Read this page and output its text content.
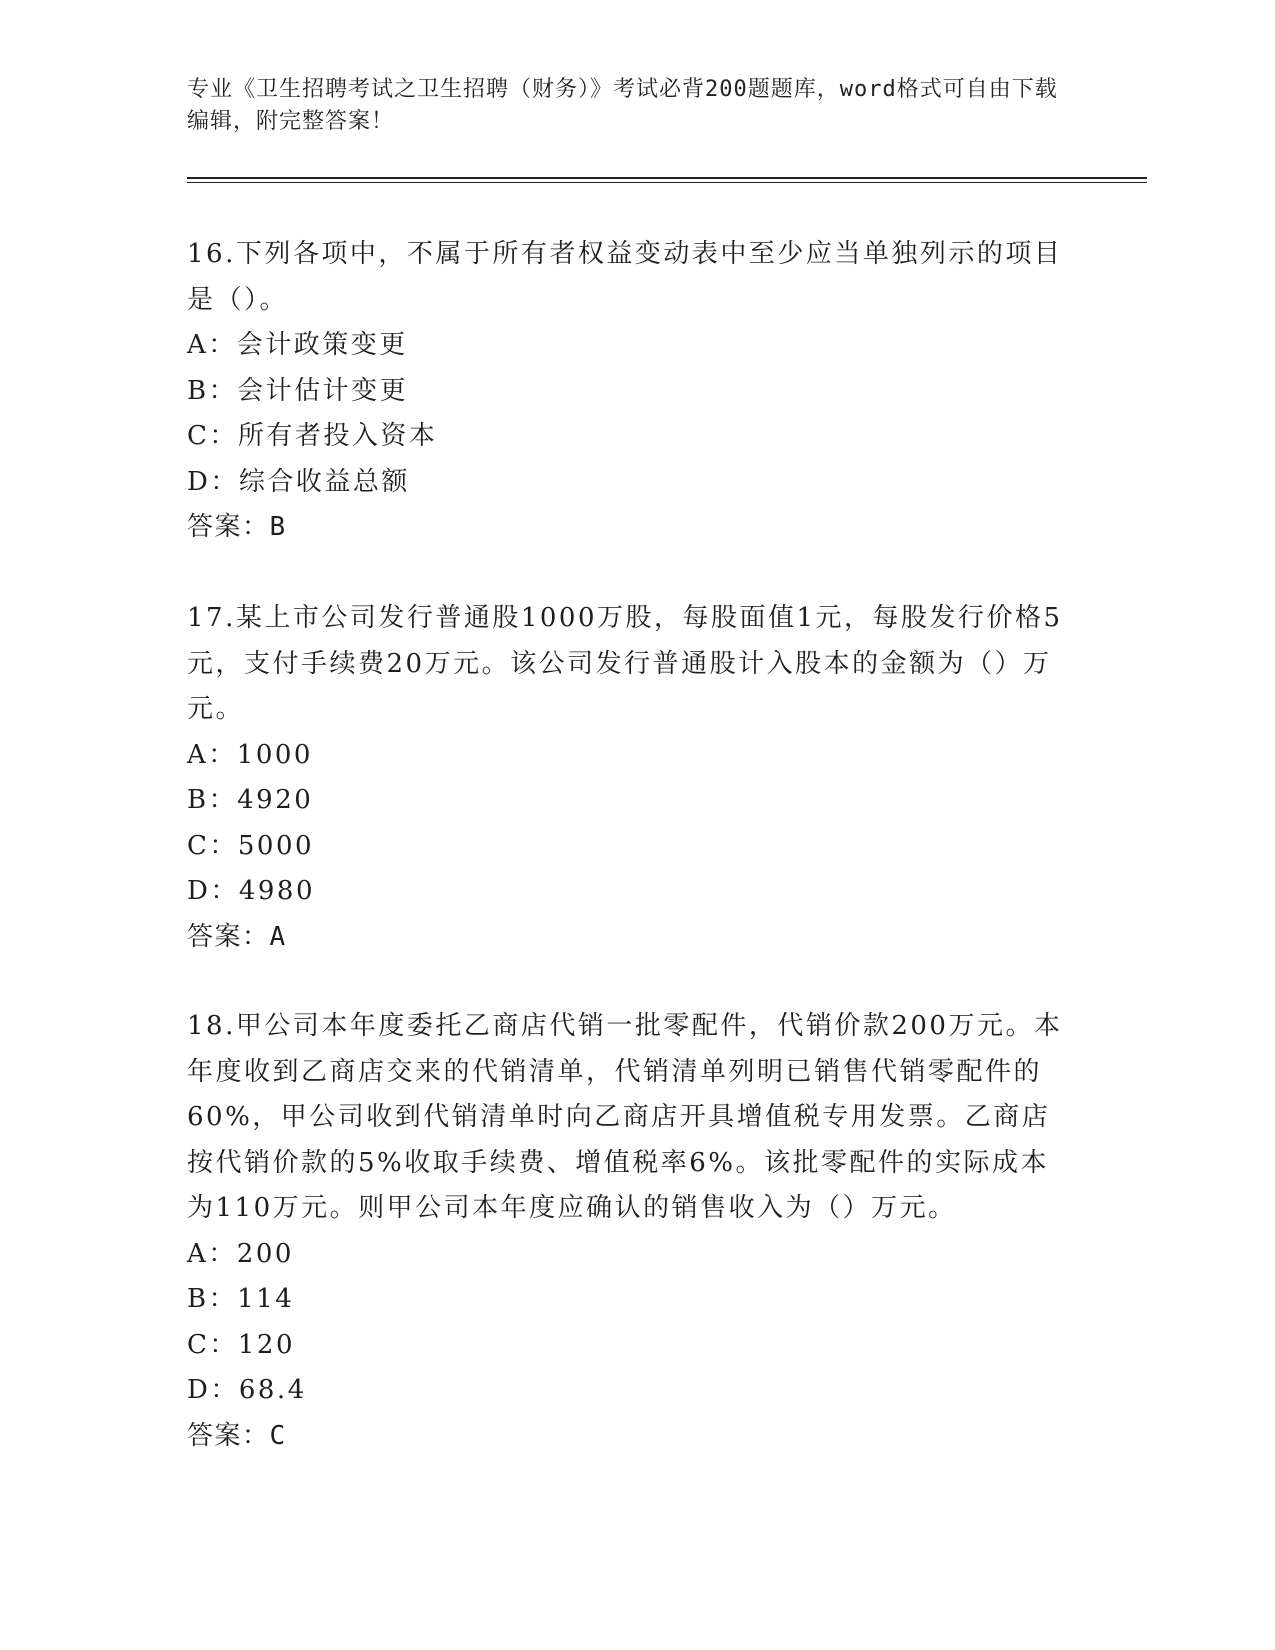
专业《卫生招聘考试之卫生招聘（财务）》考试必背200题题库，word格式可自由下载编辑，附完整答案！

16.下列各项中，不属于所有者权益变动表中至少应当单独列示的项目是（）。

A：会计政策变更

B：会计估计变更

C：所有者投入资本

D：综合收益总额

答案：B

17.某上市公司发行普通股1000万股，每股面值1元，每股发行价格5元，支付手续费20万元。该公司发行普通股计入股本的金额为（）万元。

A：1000

B：4920

C：5000

D：4980

答案：A

18.甲公司本年度委托乙商店代销一批零配件，代销价款200万元。本年度收到乙商店交来的代销清单，代销清单列明已销售代销零配件的60%，甲公司收到代销清单时向乙商店开具增值税专用发票。乙商店按代销价款的5%收取手续费、增值税率6%。该批零配件的实际成本为110万元。则甲公司本年度应确认的销售收入为（）万元。

A：200

B：114

C：120

D：68.4

答案：C
